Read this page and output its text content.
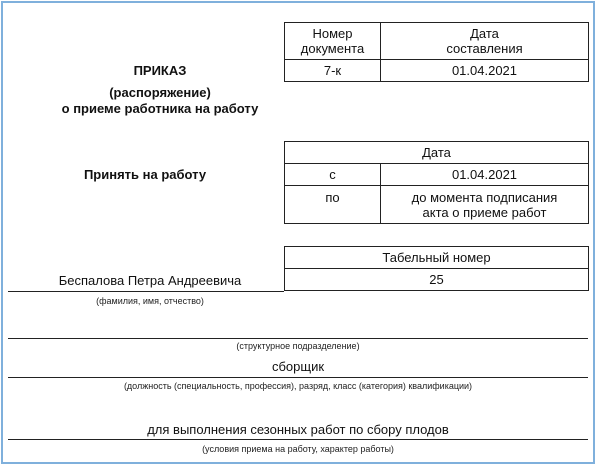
Номер документа	Дата составления
7-к	01.04.2021
ПРИКАЗ
(распоряжение)
о приеме работника на работу
Принять на работу
Дата	
с	01.04.2021
по	до момента подписания акта о приеме работ
Табельный номер
25
Беспалова Петра Андреевича
(фамилия, имя, отчество)
(структурное подразделение)
сборщик
(должность (специальность, профессия), разряд, класс (категория) квалификации)
для выполнения сезонных работ по сбору плодов
(условия приема на работу, характер работы)
